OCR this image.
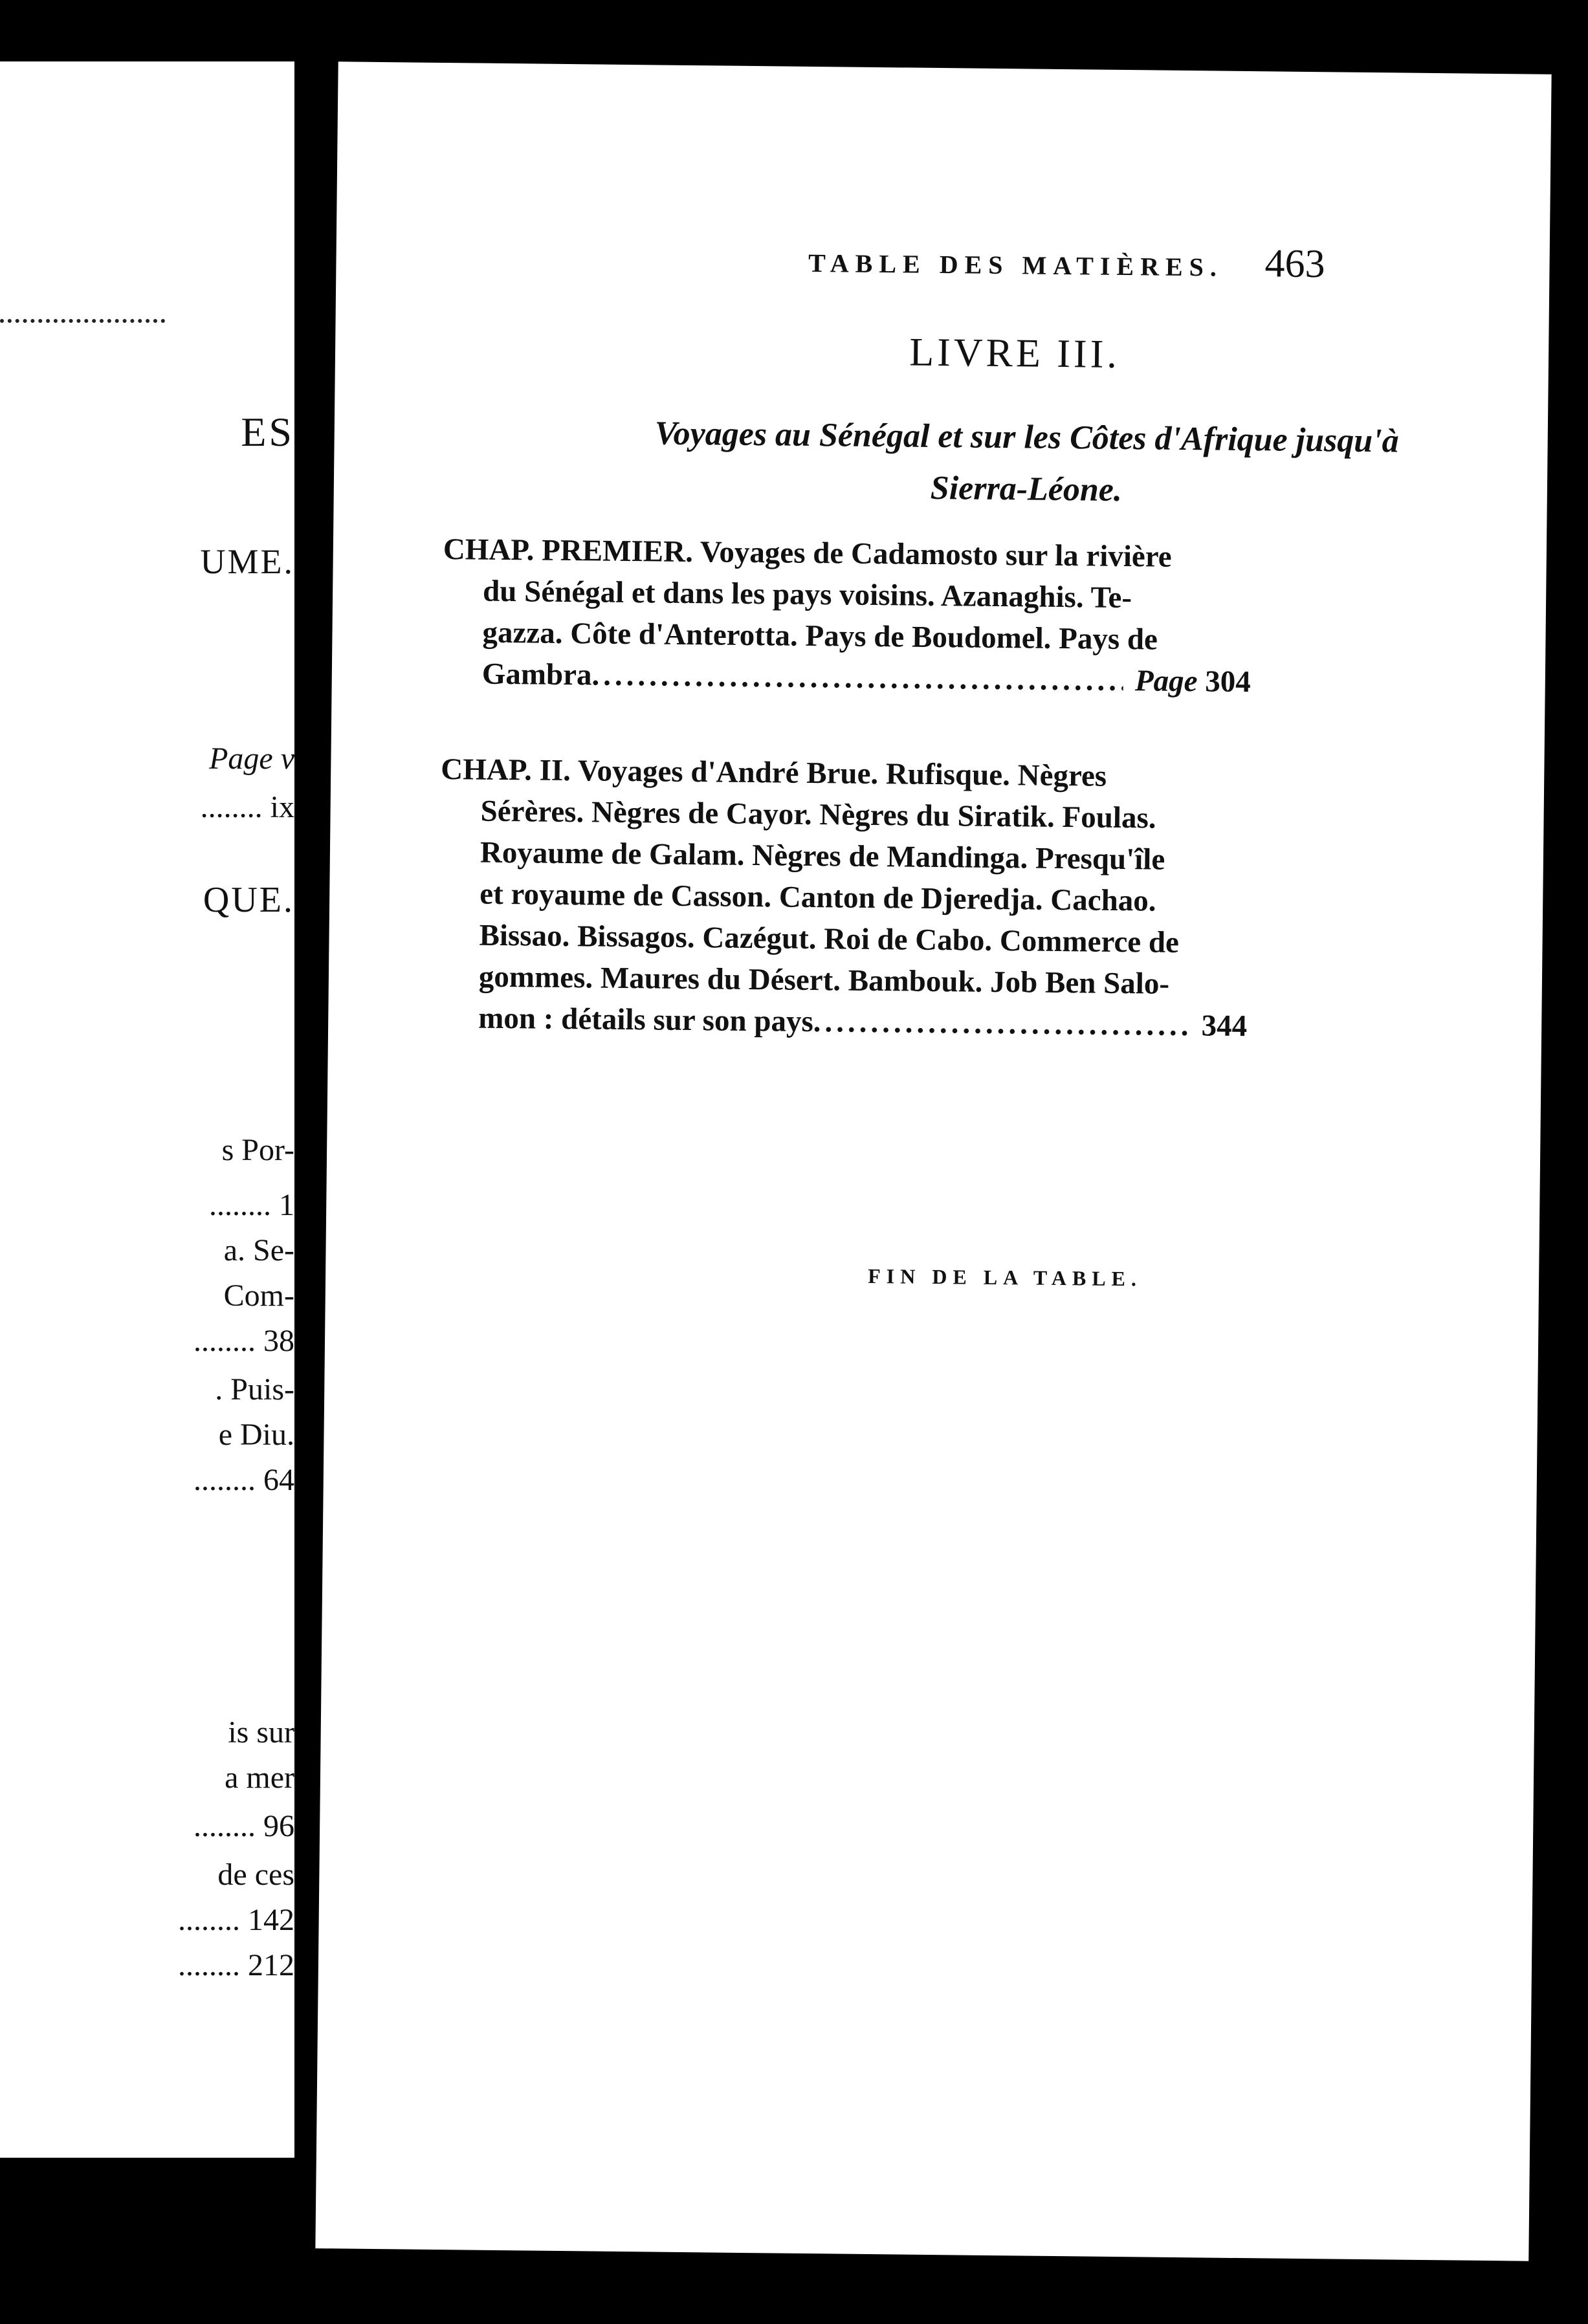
ES
UME.
Page v
........ ix
QUE.
s Por-
........ 1
a. Se-
Com-
........ 38
. Puis-
e Diu.
........ 64
is sur
a mer
........ 96
de ces
........ 142
........ 212
TABLE DES MATIÈRES.	463
LIVRE III.
Voyages au Sénégal et sur les Côtes d'Afrique jusqu'à
Sierra-Léone.
CHAP. PREMIER. Voyages de Cadamosto sur la rivière
du Sénégal et dans les pays voisins. Azanaghis. Te-
gazza. Côte d'Anterotta. Pays de Boudomel. Pays de
Gambra .....	Page 304
CHAP. II. Voyages d'André Brue. Rufisque. Nègres
Sérères. Nègres de Cayor. Nègres du Siratik. Foulas.
Royaume de Galam. Nègres de Mandinga. Presqu'île
et royaume de Casson. Canton de Djeredja. Cachao.
Bissao. Bissagos. Cazégut. Roi de Cabo. Commerce de
gommes. Maures du Désert. Bambouk. Job Ben Salo-
mon : détails sur son pays .....	344
FIN DE LA TABLE.
